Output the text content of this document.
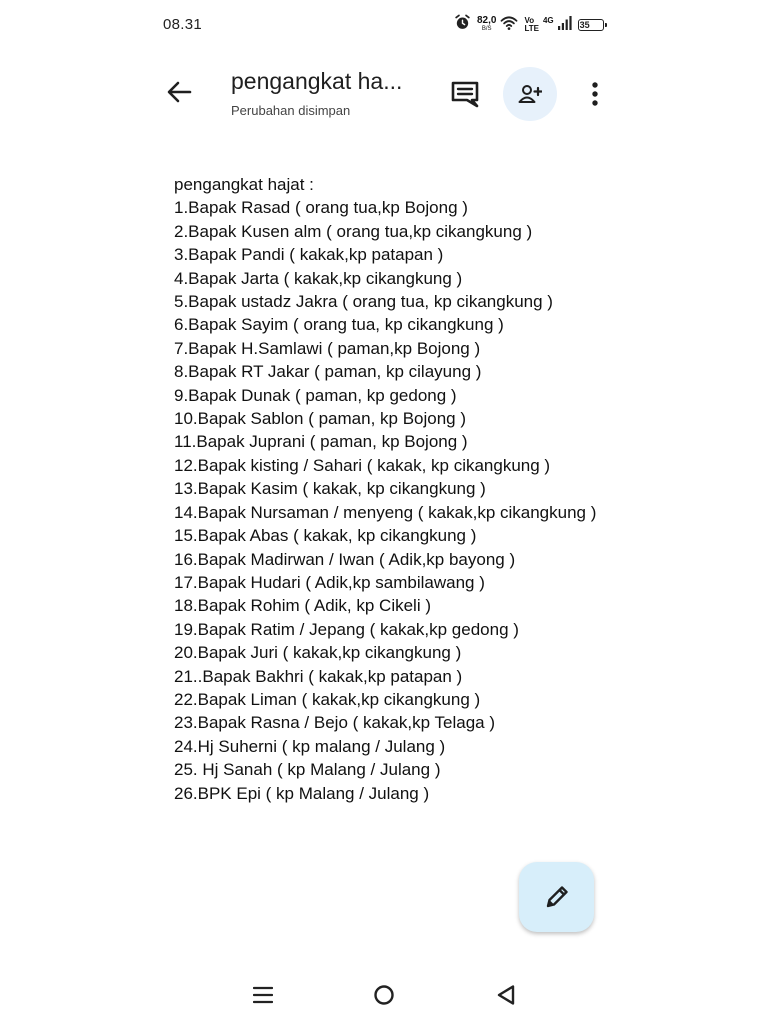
08.31	82,0
B/S
Vo
LTE
4G	35
pengangkat ha...
Perubahan disimpan
pengangkat hajat :
1.Bapak Rasad ( orang tua,kp Bojong )
2.Bapak Kusen alm ( orang tua,kp cikangkung )
3.Bapak Pandi ( kakak,kp patapan )
4.Bapak Jarta ( kakak,kp cikangkung )
5.Bapak ustadz Jakra ( orang tua, kp cikangkung )
6.Bapak Sayim ( orang tua, kp cikangkung )
7.Bapak H.Samlawi ( paman,kp Bojong )
8.Bapak RT Jakar ( paman, kp cilayung )
9.Bapak Dunak ( paman, kp gedong )
10.Bapak Sablon ( paman, kp Bojong )
11.Bapak Juprani ( paman, kp Bojong )
12.Bapak kisting / Sahari ( kakak, kp cikangkung )
13.Bapak Kasim ( kakak, kp cikangkung )
14.Bapak Nursaman / menyeng ( kakak,kp cikangkung )
15.Bapak Abas ( kakak, kp cikangkung )
16.Bapak Madirwan / Iwan ( Adik,kp bayong )
17.Bapak Hudari ( Adik,kp sambilawang )
18.Bapak Rohim ( Adik, kp Cikeli )
19.Bapak Ratim / Jepang ( kakak,kp gedong )
20.Bapak Juri ( kakak,kp cikangkung )
21..Bapak Bakhri ( kakak,kp patapan )
22.Bapak Liman ( kakak,kp cikangkung )
23.Bapak Rasna / Bejo ( kakak,kp Telaga )
24.Hj Suherni ( kp malang / Julang )
25. Hj Sanah ( kp Malang / Julang )
26.BPK Epi ( kp Malang / Julang )
